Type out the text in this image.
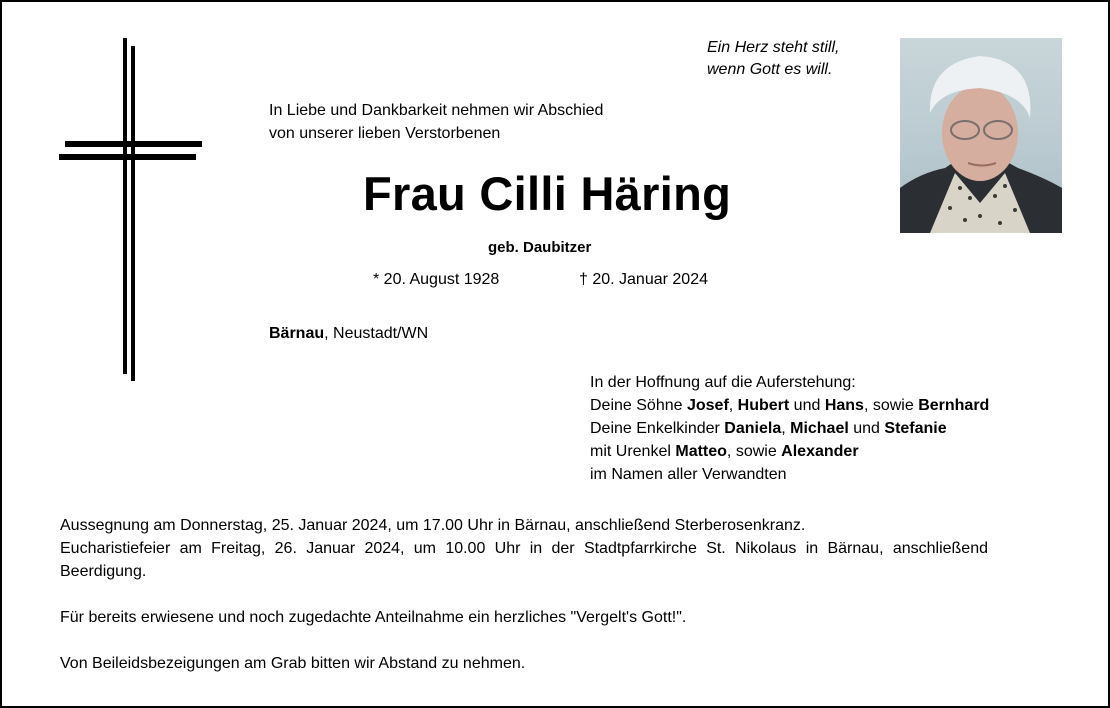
Ein Herz steht still,
wenn Gott es will.
In Liebe und Dankbarkeit nehmen wir Abschied
von unserer lieben Verstorbenen
Frau Cilli Häring
geb. Daubitzer
* 20. August 1928	† 20. Januar 2024
Bärnau, Neustadt/WN
In der Hoffnung auf die Auferstehung:
Deine Söhne Josef, Hubert und Hans, sowie Bernhard
Deine Enkelkinder Daniela, Michael und Stefanie
mit Urenkel Matteo, sowie Alexander
im Namen aller Verwandten

Aussegnung am Donnerstag, 25. Januar 2024, um 17.00 Uhr in Bärnau, anschließend Sterberosenkranz.

Eucharistiefeier am Freitag, 26. Januar 2024, um 10.00 Uhr in der Stadtpfarrkirche St. Nikolaus in Bärnau, anschließend Beerdigung.

Für bereits erwiesene und noch zugedachte Anteilnahme ein herzliches "Vergelt's Gott!".

Von Beileidsbezeigungen am Grab bitten wir Abstand zu nehmen.
